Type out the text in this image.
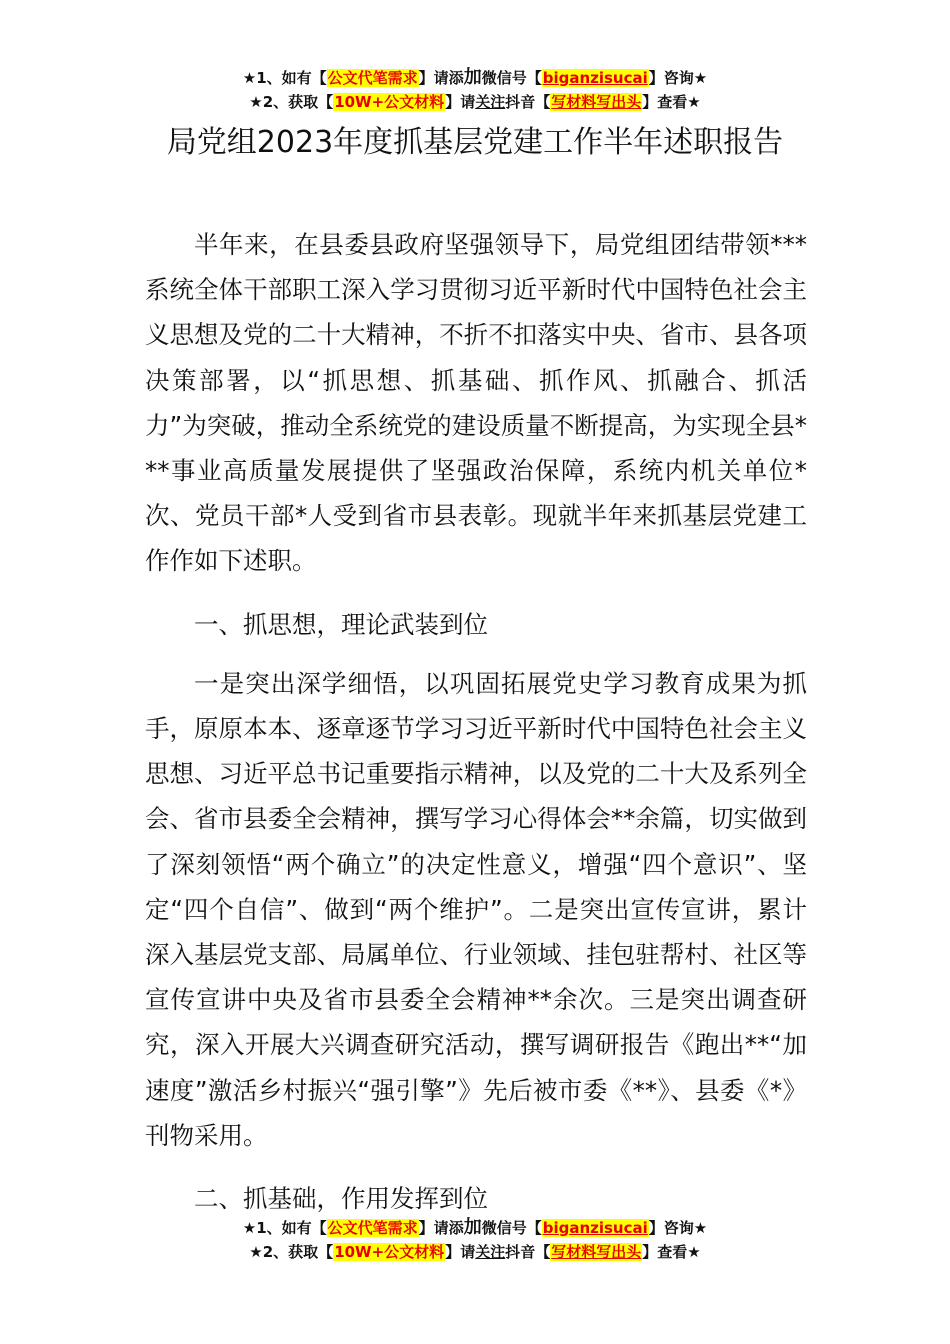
★1、如有【公文代笔需求】请添加微信号【biganzisucai】咨询★
★2、获取【10W+公文材料】请关注抖音【写材料写出头】查看★
局党组2023年度抓基层党建工作半年述职报告

半年来，在县委县政府坚强领导下，局党组团结带领***系统全体干部职工深入学习贯彻习近平新时代中国特色社会主义思想及党的二十大精神，不折不扣落实中央、省市、县各项决策部署，以“抓思想、抓基础、抓作风、抓融合、抓活力”为突破，推动全系统党的建设质量不断提高，为实现全县***事业高质量发展提供了坚强政治保障，系统内机关单位*次、党员干部*人受到省市县表彰。现就半年来抓基层党建工作作如下述职。

一、抓思想，理论武装到位

一是突出深学细悟，以巩固拓展党史学习教育成果为抓手，原原本本、逐章逐节学习习近平新时代中国特色社会主义思想、习近平总书记重要指示精神，以及党的二十大及系列全会、省市县委全会精神，撰写学习心得体会**余篇，切实做到了深刻领悟“两个确立”的决定性意义，增强“四个意识”、坚定“四个自信”、做到“两个维护”。二是突出宣传宣讲，累计深入基层党支部、局属单位、行业领域、挂包驻帮村、社区等宣传宣讲中央及省市县委全会精神**余次。三是突出调查研究，深入开展大兴调查研究活动，撰写调研报告《跑出**“加速度”激活乡村振兴“强引擎”》先后被市委《**》、县委《*》刊物采用。

二、抓基础，作用发挥到位

★1、如有【公文代笔需求】请添加微信号【biganzisucai】咨询★
★2、获取【10W+公文材料】请关注抖音【写材料写出头】查看★
